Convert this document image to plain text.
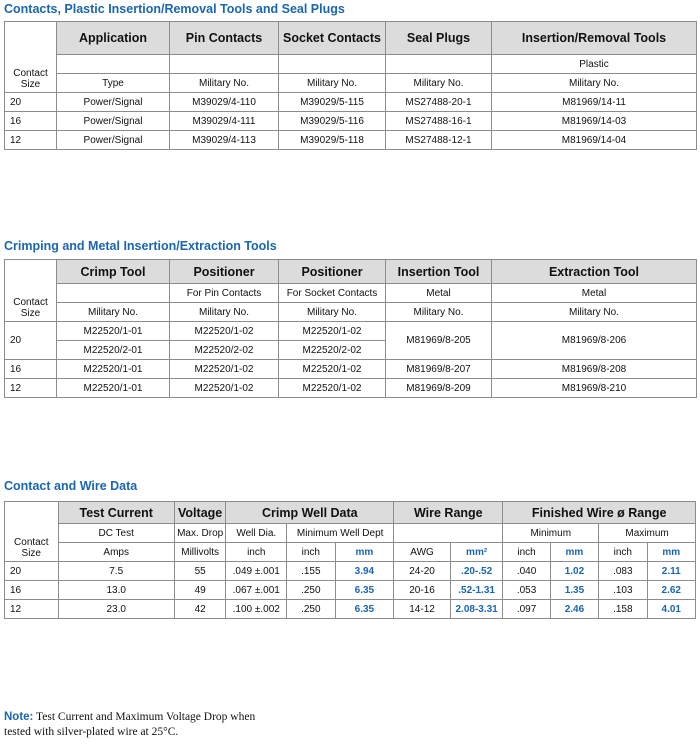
Contacts, Plastic Insertion/Removal Tools and Seal Plugs
Contact
Size	Application	Pin Contacts	Socket Contacts	Seal Plugs	Insertion/Removal Tools
					Plastic
	Type	Military No.	Military No.	Military No.	Military No.
20	Power/Signal	M39029/4-110	M39029/5-115	MS27488-20-1	M81969/14-11
16	Power/Signal	M39029/4-111	M39029/5-116	MS27488-16-1	M81969/14-03
12	Power/Signal	M39029/4-113	M39029/5-118	MS27488-12-1	M81969/14-04
Crimping and Metal Insertion/Extraction Tools
Contact
Size	Crimp Tool	Positioner	Positioner	Insertion Tool	Extraction Tool
		For Pin Contacts	For Socket Contacts	Metal	Metal
	Military No.	Military No.	Military No.	Military No.	Military No.
20	M22520/1-01	M22520/1-02	M22520/1-02	M81969/8-205	M81969/8-206
	M22520/2-01	M22520/2-02	M22520/2-02		
16	M22520/1-01	M22520/1-02	M22520/1-02	M81969/8-207	M81969/8-208
12	M22520/1-01	M22520/1-02	M22520/1-02	M81969/8-209	M81969/8-210
Contact and Wire Data
Contact
Size	Test Current	Voltage	Crimp Well Data			Wire Range		Finished Wire ø Range			
	DC Test	Max. Drop	Well Dia.	Minimum Well Dept				Minimum		Maximum	
	Amps	Millivolts	inch	inch	mm	AWG	mm²	inch	mm	inch	mm
20	7.5	55	.049 ±.001	.155	3.94	24-20	.20-.52	.040	1.02	.083	2.11
16	13.0	49	.067 ±.001	.250	6.35	20-16	.52-1.31	.053	1.35	.103	2.62
12	23.0	42	.100 ±.002	.250	6.35	14-12	2.08-3.31	.097	2.46	.158	4.01
Note: Test Current and Maximum Voltage Drop when
tested with silver-plated wire at 25°C.
